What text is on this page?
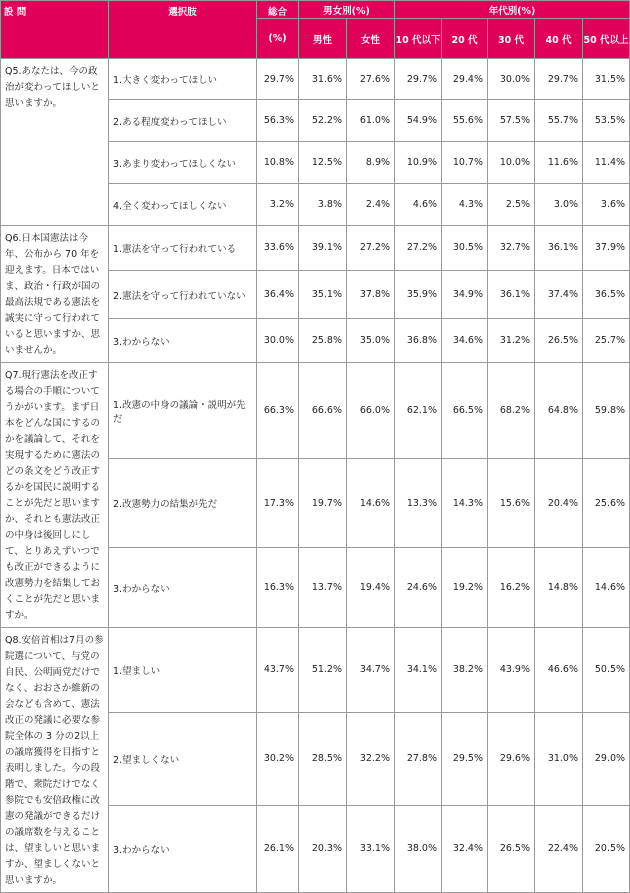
設 問	選択肢	総合	男女別(%)		年代別(%)				
		(%)	男性	女性	10 代以下	20 代	30 代	40 代	50 代以上
Q5.あなたは、今の政治が変わってほしいと思いますか。	1.大きく変わってほしい	29.7%	31.6%	27.6%	29.7%	29.4%	30.0%	29.7%	31.5%
	2.ある程度変わってほしい	56.3%	52.2%	61.0%	54.9%	55.6%	57.5%	55.7%	53.5%
	3.あまり変わってほしくない	10.8%	12.5%	8.9%	10.9%	10.7%	10.0%	11.6%	11.4%
	4.全く変わってほしくない	3.2%	3.8%	2.4%	4.6%	4.3%	2.5%	3.0%	3.6%
Q6.日本国憲法は今年、公布から 70 年を迎えます。日本ではいま、政治・行政が国の最高法規である憲法を誠実に守って行われていると思いますか、思いませんか。	1.憲法を守って行われている	33.6%	39.1%	27.2%	27.2%	30.5%	32.7%	36.1%	37.9%
	2.憲法を守って行われていない	36.4%	35.1%	37.8%	35.9%	34.9%	36.1%	37.4%	36.5%
	3.わからない	30.0%	25.8%	35.0%	36.8%	34.6%	31.2%	26.5%	25.7%
Q7.現行憲法を改正する場合の手順についてうかがいます。まず日本をどんな国にするのかを議論して、それを実現するために憲法のどの条文をどう改正するかを国民に説明することが先だと思いますか、それとも憲法改正の中身は後回しにして、とりあえずいつでも改正ができるように改憲勢力を結集しておくことが先だと思いますか。	1.改憲の中身の議論・説明が先だ	66.3%	66.6%	66.0%	62.1%	66.5%	68.2%	64.8%	59.8%
	2.改憲勢力の結集が先だ	17.3%	19.7%	14.6%	13.3%	14.3%	15.6%	20.4%	25.6%
	3.わからない	16.3%	13.7%	19.4%	24.6%	19.2%	16.2%	14.8%	14.6%
Q8.安倍首相は7月の参院選について、与党の自民、公明両党だけでなく、おおさか維新の会なども含めて、憲法改正の発議に必要な参院全体の 3 分の2以上の議席獲得を目指すと表明しました。今の段階で、衆院だけでなく参院でも安倍政権に改憲の発議ができるだけの議席数を与えることは、望ましいと思いますか、望ましくないと思いますか。	1.望ましい	43.7%	51.2%	34.7%	34.1%	38.2%	43.9%	46.6%	50.5%
	2.望ましくない	30.2%	28.5%	32.2%	27.8%	29.5%	29.6%	31.0%	29.0%
	3.わからない	26.1%	20.3%	33.1%	38.0%	32.4%	26.5%	22.4%	20.5%
